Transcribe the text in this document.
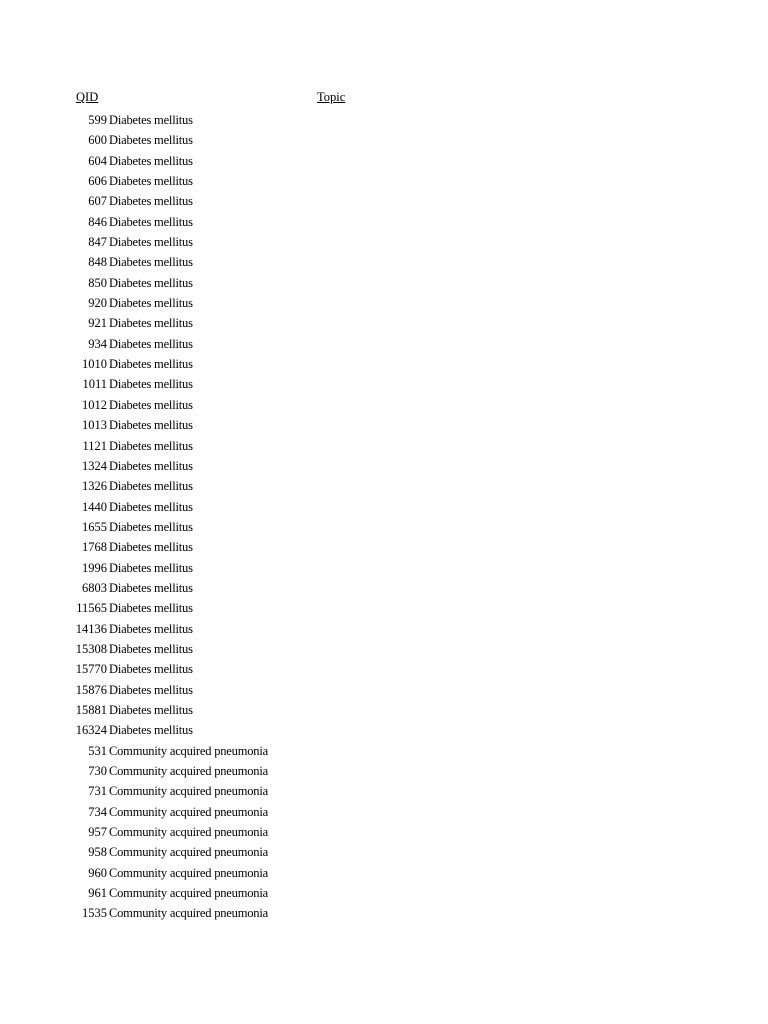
QID	Topic
599 Diabetes mellitus
600 Diabetes mellitus
604 Diabetes mellitus
606 Diabetes mellitus
607 Diabetes mellitus
846 Diabetes mellitus
847 Diabetes mellitus
848 Diabetes mellitus
850 Diabetes mellitus
920 Diabetes mellitus
921 Diabetes mellitus
934 Diabetes mellitus
1010 Diabetes mellitus
1011 Diabetes mellitus
1012 Diabetes mellitus
1013 Diabetes mellitus
1121 Diabetes mellitus
1324 Diabetes mellitus
1326 Diabetes mellitus
1440 Diabetes mellitus
1655 Diabetes mellitus
1768 Diabetes mellitus
1996 Diabetes mellitus
6803 Diabetes mellitus
11565 Diabetes mellitus
14136 Diabetes mellitus
15308 Diabetes mellitus
15770 Diabetes mellitus
15876 Diabetes mellitus
15881 Diabetes mellitus
16324 Diabetes mellitus
531 Community acquired pneumonia
730 Community acquired pneumonia
731 Community acquired pneumonia
734 Community acquired pneumonia
957 Community acquired pneumonia
958 Community acquired pneumonia
960 Community acquired pneumonia
961 Community acquired pneumonia
1535 Community acquired pneumonia
